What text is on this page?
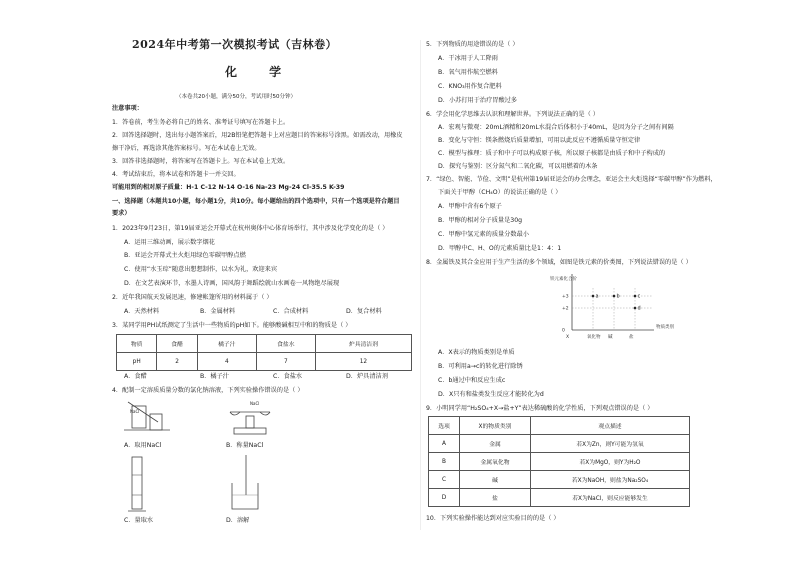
2024年中考第一次模拟考试（吉林卷）
化 学
（本卷共20小题，满分50分，考试用时50分钟）
注意事项：
1．答卷前，考生务必将自己的姓名、准考证号填写在答题卡上。
2．回答选择题时，选出每小题答案后，用2B铅笔把答题卡上对应题目的答案标号涂黑。如需改动，用橡皮
擦干净后，再选涂其他答案标号。写在本试卷上无效。
3．回答非选择题时，将答案写在答题卡上。写在本试卷上无效。
4．考试结束后，将本试卷和答题卡一并交回。
可能用到的相对原子质量：H-1 C-12 N-14 O-16 Na-23 Mg-24 Cl-35.5 K-39
一、选择题（本题共10小题，每小题1分，共10分。每小题给出的四个选项中，只有一个选项是符合题目
要求）
1．2023年9月23日，第19届亚运会开幕式在杭州奥体中心体育场举行，其中涉及化学变化的是（ ）
A．运用三维动画，展示数字烟花
B．亚运会开幕式主火炬用绿色零碳甲醇点燃
C．使用“水玉琮”随意出想想制作，以水为礼，欢迎来宾
D．在文艺表演环节，水墨人诗画，国风韵于舞蹈绘就山水画卷一风物绝尽展现
2．近年我国航天发展迅速，修建帐篷所用的材料属于（ ）
A．天然材料	B．金属材料	C．合成材料	D．复合材料
3．某同学用PH试纸测定了生活中一些物质的pH如下。能够酸碱相互中和的物质是（ ）
物质	食醋	橘子汁	食盐水	炉具清洁剂
pH	2	4	7	12
A．食醋	B．橘子汁	C．食盐水	D．炉具清洁剂
4．配制一定溶质质量分数的氯化钠溶液，下列实验操作错误的是（ ）
NaCl
NaCl
A．取用NaCl	B．称量NaCl
C．量取水	D．溶解
5．下列物质的用途错误的是（ ）
A．干冰用于人工降雨
B．氧气用作航空燃料
C．KNO₃用作复合肥料
D．小苏打用于治疗胃酸过多
6．学会用化学思维去认识和理解世界。下列说法正确的是（ ）
A．宏观与微观：20mL酒精和20mL水混合后体积小于40mL，是因为分子之间有间隔
B．变化与守恒：镁条燃烧后质量增加，可用以此反应不遵循质量守恒定律
C．模型与推理：质子和中子可以构成原子核，所以原子核都是由质子和中子构成的
D．探究与鉴别：区分氮气和二氧化碳，可以用燃着的木条
7．“绿色、智能、节俭、文明”是杭州第19届亚运会的办会理念，亚运会主火炬选择“零碳甲醇”作为燃料，
下面关于甲醇（CH₄O）的说法正确的是（ ）
A．甲醇中含有6个原子
B．甲醇的相对分子质量是30g
C．甲醇中氢元素的质量分数最小
D．甲醇中C、H、O的元素质量比是1：4：1
8．金属铁及其合金应用于生产生活的多个领域，如图是铁元素的价类图，下列说法错误的是（ ）
铁元素化合价
物质类别
0
+2
+3
X	氧化物 碱	盐
a	b	c
d
A．X表示的物质类别是单质
B．可利用a→c的转化进行除锈
C．b通过中和反应生成c
D．X只有和盐类发生反应才能转化为d
9．小明同学用“H₂SO₄+X→盐+Y”表达稀硫酸的化学性质，下列观点错误的是（ ）
选项	X的物质类别	观点描述
A	金属	若X为Zn，则Y可能为氢氧
B	金属氧化物	若X为MgO，则Y为H₂O
C	碱	若X为NaOH，则盐为Na₂SO₄
D	盐	若X为NaCl，则反应能够发生
10．下列实验操作能达到对应实验目的的是（ ）
